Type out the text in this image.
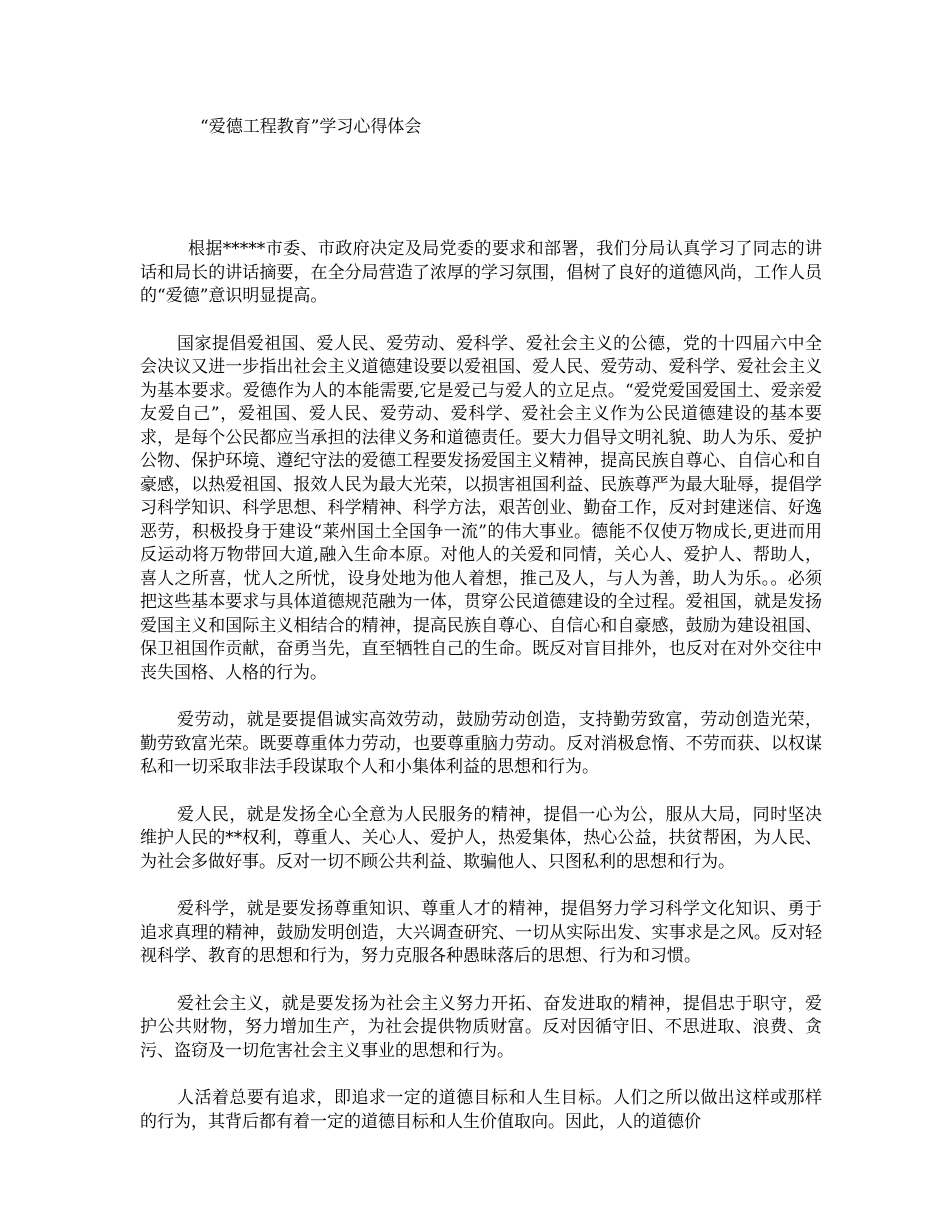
“爱德工程教育”学习心得体会

根据*****市委、市政府决定及局党委的要求和部署，我们分局认真学习了同志的讲话和局长的讲话摘要，在全分局营造了浓厚的学习氛围，倡树了良好的道德风尚，工作人员的“爱德”意识明显提高。

国家提倡爱祖国、爱人民、爱劳动、爱科学、爱社会主义的公德，党的十四届六中全会决议又进一步指出社会主义道德建设要以爱祖国、爱人民、爱劳动、爱科学、爱社会主义为基本要求。爱德作为人的本能需要,它是爱己与爱人的立足点。“爱党爱国爱国土、爱亲爱友爱自己”，爱祖国、爱人民、爱劳动、爱科学、爱社会主义作为公民道德建设的基本要求，是每个公民都应当承担的法律义务和道德责任。要大力倡导文明礼貌、助人为乐、爱护公物、保护环境、遵纪守法的爱德工程要发扬爱国主义精神，提高民族自尊心、自信心和自豪感，以热爱祖国、报效人民为最大光荣，以损害祖国利益、民族尊严为最大耻辱，提倡学习科学知识、科学思想、科学精神、科学方法，艰苦创业、勤奋工作，反对封建迷信、好逸恶劳，积极投身于建设“莱州国土全国争一流”的伟大事业。德能不仅使万物成长,更进而用反运动将万物带回大道,融入生命本原。对他人的关爱和同情，关心人、爱护人、帮助人，喜人之所喜，忧人之所忧，设身处地为他人着想，推己及人，与人为善，助人为乐。。必须把这些基本要求与具体道德规范融为一体，贯穿公民道德建设的全过程。爱祖国，就是发扬爱国主义和国际主义相结合的精神，提高民族自尊心、自信心和自豪感，鼓励为建设祖国、保卫祖国作贡献，奋勇当先，直至牺牲自己的生命。既反对盲目排外，也反对在对外交往中丧失国格、人格的行为。

爱劳动，就是要提倡诚实高效劳动，鼓励劳动创造，支持勤劳致富，劳动创造光荣，勤劳致富光荣。既要尊重体力劳动，也要尊重脑力劳动。反对消极怠惰、不劳而获、以权谋私和一切采取非法手段谋取个人和小集体利益的思想和行为。

爱人民，就是发扬全心全意为人民服务的精神，提倡一心为公，服从大局，同时坚决维护人民的**权利，尊重人、关心人、爱护人，热爱集体，热心公益，扶贫帮困，为人民、为社会多做好事。反对一切不顾公共利益、欺骗他人、只图私利的思想和行为。

爱科学，就是要发扬尊重知识、尊重人才的精神，提倡努力学习科学文化知识、勇于追求真理的精神，鼓励发明创造，大兴调查研究、一切从实际出发、实事求是之风。反对轻视科学、教育的思想和行为，努力克服各种愚昧落后的思想、行为和习惯。

爱社会主义，就是要发扬为社会主义努力开拓、奋发进取的精神，提倡忠于职守，爱护公共财物，努力增加生产，为社会提供物质财富。反对因循守旧、不思进取、浪费、贪污、盗窃及一切危害社会主义事业的思想和行为。

人活着总要有追求，即追求一定的道德目标和人生目标。人们之所以做出这样或那样的行为，其背后都有着一定的道德目标和人生价值取向。因此，人的道德价
